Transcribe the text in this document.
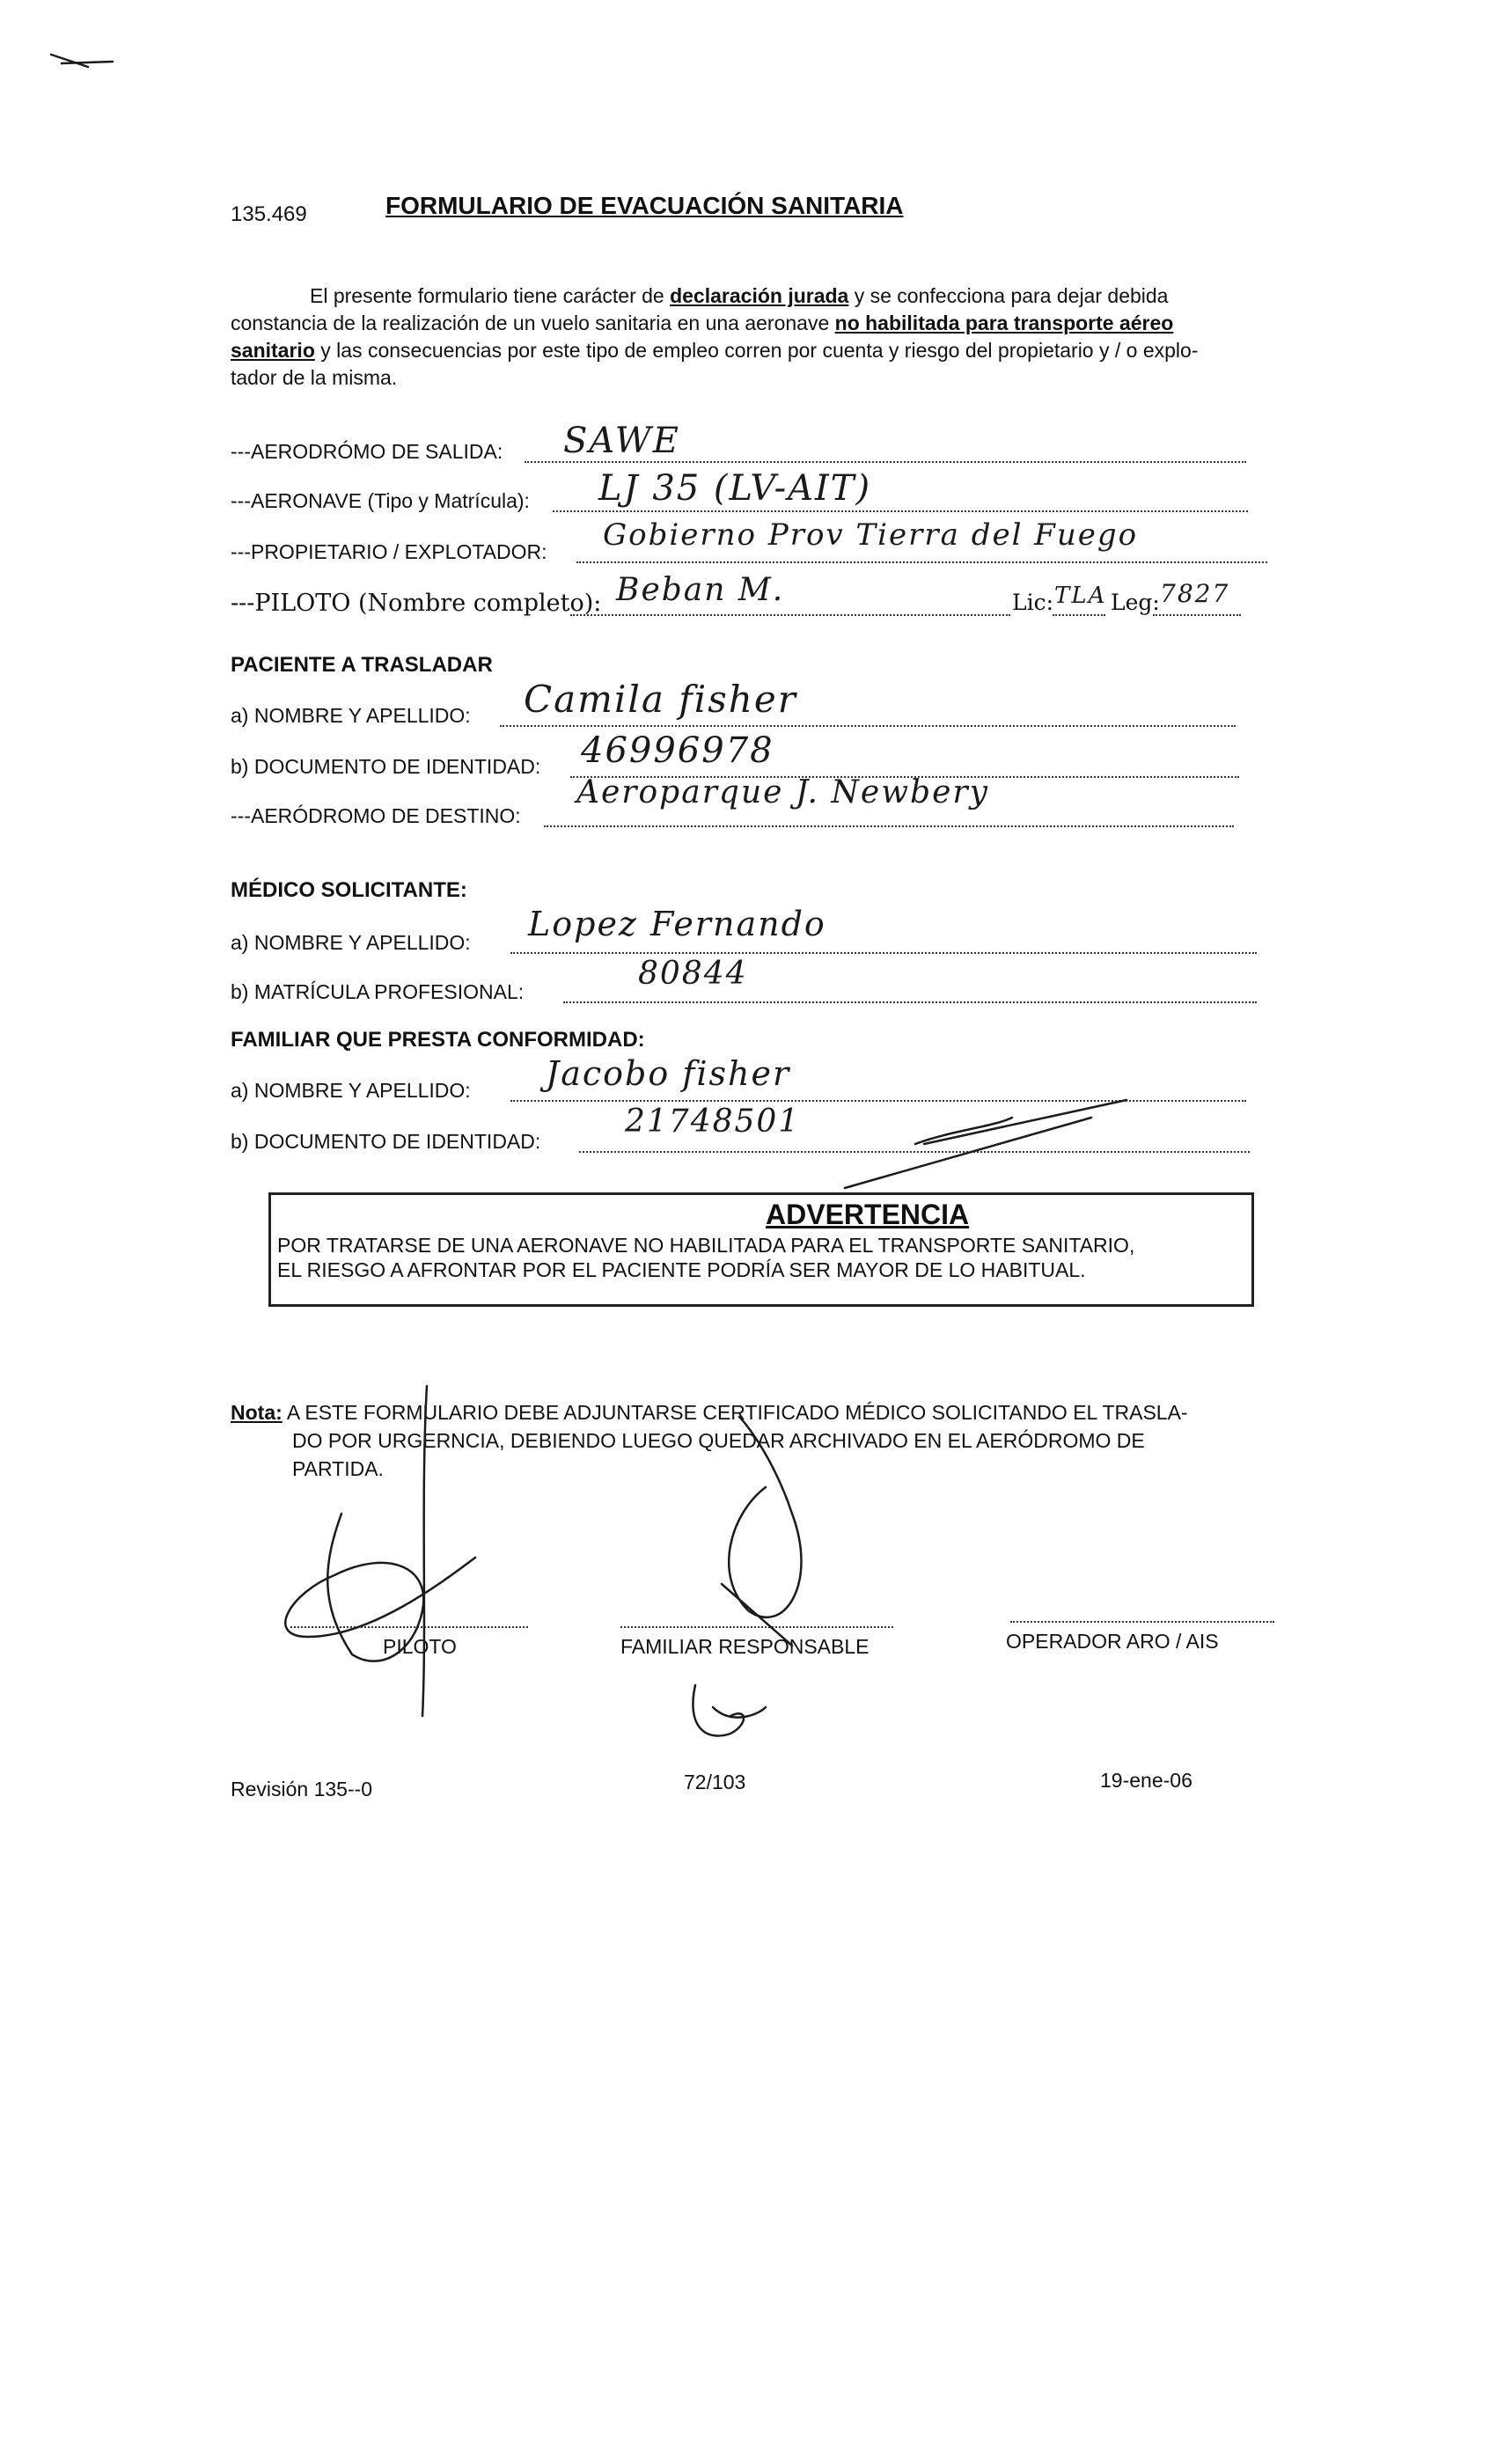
135.469	FORMULARIO DE EVACUACIÓN SANITARIA
El presente formulario tiene carácter de declaración jurada y se confecciona para dejar debida
constancia de la realización de un vuelo sanitaria en una aeronave no habilitada para transporte aéreo
sanitario y las consecuencias por este tipo de empleo corren por cuenta y riesgo del propietario y / o explo-
tador de la misma.
---AERODRÓMO DE SALIDA: SAWE
---AERONAVE (Tipo y Matrícula): LJ 35 (LV-AIT)
---PROPIETARIO / EXPLOTADOR: Gobierno Prov Tierra del Fuego
---PILOTO (Nombre completo): Beban M.	Lic: TLA Leg: 7827
PACIENTE A TRASLADAR
a) NOMBRE Y APELLIDO: Camila fisher
b) DOCUMENTO DE IDENTIDAD: 46996978
---AERÓDROMO DE DESTINO:
Aeroparque J. Newbery
MÉDICO SOLICITANTE:
a) NOMBRE Y APELLIDO: Lopez Fernando
b) MATRÍCULA PROFESIONAL:	80844
FAMILIAR QUE PRESTA CONFORMIDAD:
a) NOMBRE Y APELLIDO: Jacobo fisher
b) DOCUMENTO DE IDENTIDAD:
21748501
ADVERTENCIA
POR TRATARSE DE UNA AERONAVE NO HABILITADA PARA EL TRANSPORTE SANITARIO,
EL RIESGO A AFRONTAR POR EL PACIENTE PODRÍA SER MAYOR DE LO HABITUAL.
Nota: A ESTE FORMULARIO DEBE ADJUNTARSE CERTIFICADO MÉDICO SOLICITANDO EL TRASLA-
DO POR URGERNCIA, DEBIENDO LUEGO QUEDAR ARCHIVADO EN EL AERÓDROMO DE
PARTIDA.
PILOTO	FAMILIAR RESPONSABLE	OPERADOR ARO / AIS
Revisión 135--0	72/103	19-ene-06
